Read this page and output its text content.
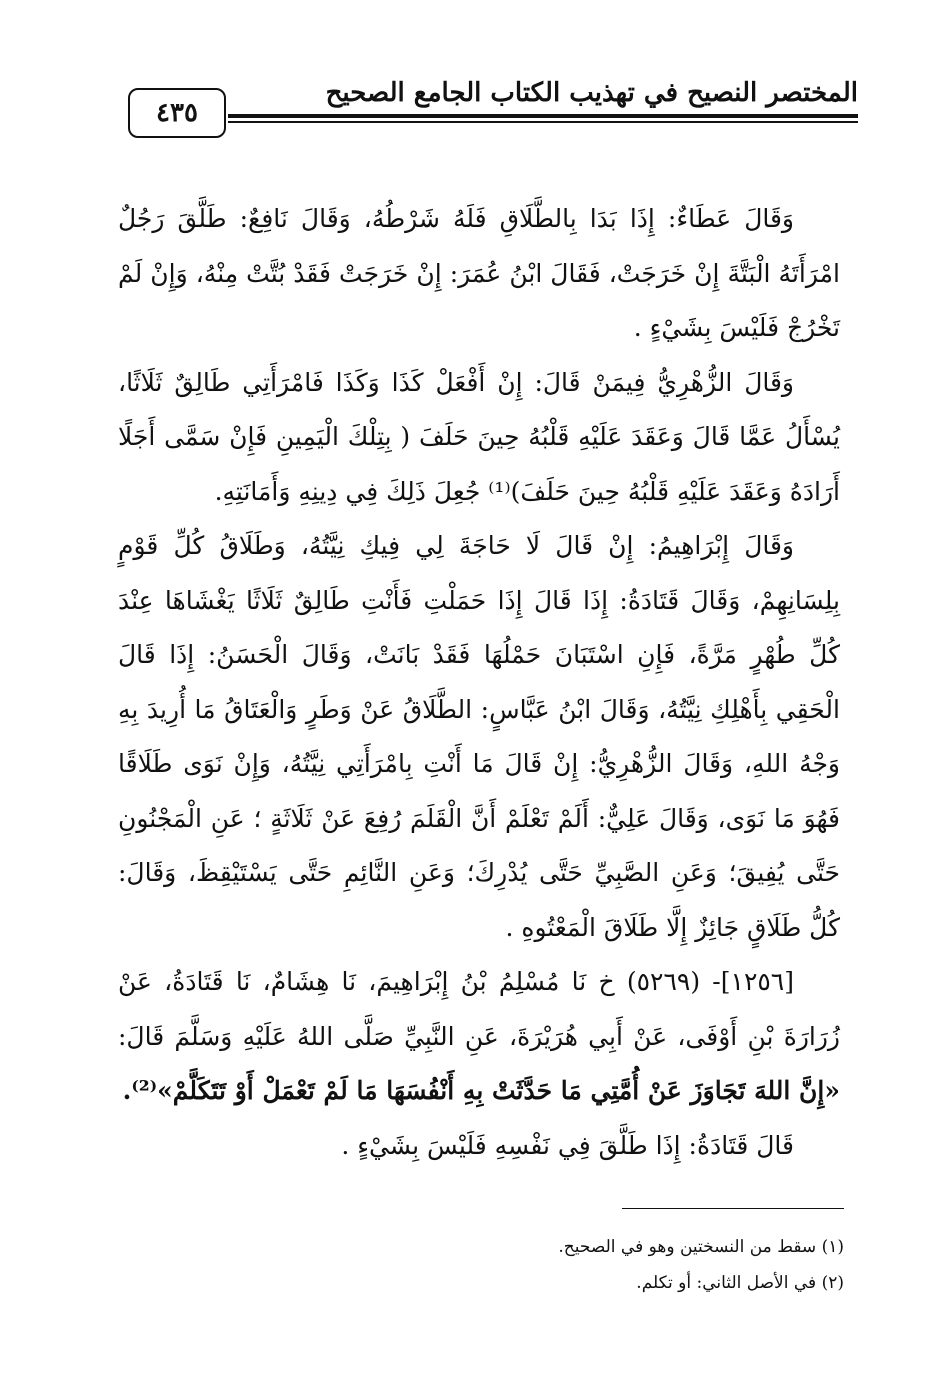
المختصر النصيح في تهذيب الكتاب الجامع الصحيح
٤٣٥

وَقَالَ عَطَاءٌ: إِذَا بَدَا بِالطَّلَاقِ فَلَهُ شَرْطُهُ، وَقَالَ نَافِعٌ: طَلَّقَ رَجُلٌ امْرَأَتَهُ الْبَتَّةَ إِنْ خَرَجَتْ، فَقَالَ ابْنُ عُمَرَ: إِنْ خَرَجَتْ فَقَدْ بُتَّتْ مِنْهُ، وَإِنْ لَمْ تَخْرُجْ فَلَيْسَ بِشَيْءٍ .

وَقَالَ الزُّهْرِيُّ فِيمَنْ قَالَ: إِنْ أَفْعَلْ كَذَا وَكَذَا فَامْرَأَتِي طَالِقٌ ثَلَاثًا، يُسْأَلُ عَمَّا قَالَ وَعَقَدَ عَلَيْهِ قَلْبُهُ حِينَ حَلَفَ ( بِتِلْكَ الْيَمِينِ فَإِنْ سَمَّى أَجَلًا أَرَادَهُ وَعَقَدَ عَلَيْهِ قَلْبُهُ حِينَ حَلَفَ)⁽¹⁾ جُعِلَ ذَلِكَ فِي دِينِهِ وَأَمَانَتِهِ.

وَقَالَ إِبْرَاهِيمُ: إِنْ قَالَ لَا حَاجَةَ لِي فِيكِ نِيَّتُهُ، وَطَلَاقُ كُلِّ قَوْمٍ بِلِسَانِهِمْ، وَقَالَ قَتَادَةُ: إِذَا قَالَ إِذَا حَمَلْتِ فَأَنْتِ طَالِقٌ ثَلَاثًا يَغْشَاهَا عِنْدَ كُلِّ طُهْرٍ مَرَّةً، فَإِنِ اسْتَبَانَ حَمْلُهَا فَقَدْ بَانَتْ، وَقَالَ الْحَسَنُ: إِذَا قَالَ الْحَقِي بِأَهْلِكِ نِيَّتُهُ، وَقَالَ ابْنُ عَبَّاسٍ: الطَّلَاقُ عَنْ وَطَرٍ وَالْعَتَاقُ مَا أُرِيدَ بِهِ وَجْهُ اللهِ، وَقَالَ الزُّهْرِيُّ: إِنْ قَالَ مَا أَنْتِ بِامْرَأَتِي نِيَّتُهُ، وَإِنْ نَوَى طَلَاقًا فَهُوَ مَا نَوَى، وَقَالَ عَلِيٌّ: أَلَمْ تَعْلَمْ أَنَّ الْقَلَمَ رُفِعَ عَنْ ثَلَاثَةٍ ؛ عَنِ الْمَجْنُونِ حَتَّى يُفِيقَ؛ وَعَنِ الصَّبِيِّ حَتَّى يُدْرِكَ؛ وَعَنِ النَّائِمِ حَتَّى يَسْتَيْقِظَ، وَقَالَ: كُلُّ طَلَاقٍ جَائِزٌ إِلَّا طَلَاقَ الْمَعْتُوهِ .

[١٢٥٦]- (٥٢٦٩) خ نَا مُسْلِمُ بْنُ إِبْرَاهِيمَ، نَا هِشَامٌ، نَا قَتَادَةُ، عَنْ زُرَارَةَ بْنِ أَوْفَى، عَنْ أَبِي هُرَيْرَةَ، عَنِ النَّبِيِّ صَلَّى اللهُ عَلَيْهِ وَسَلَّمَ قَالَ: «إِنَّ اللهَ تَجَاوَزَ عَنْ أُمَّتِي مَا حَدَّثَتْ بِهِ أَنْفُسَهَا مَا لَمْ تَعْمَلْ أَوْ تَتَكَلَّمْ»⁽²⁾.

قَالَ قَتَادَةُ: إِذَا طَلَّقَ فِي نَفْسِهِ فَلَيْسَ بِشَيْءٍ .

(١) سقط من النسختين وهو في الصحيح.

(٢) في الأصل الثاني: أو تكلم.
